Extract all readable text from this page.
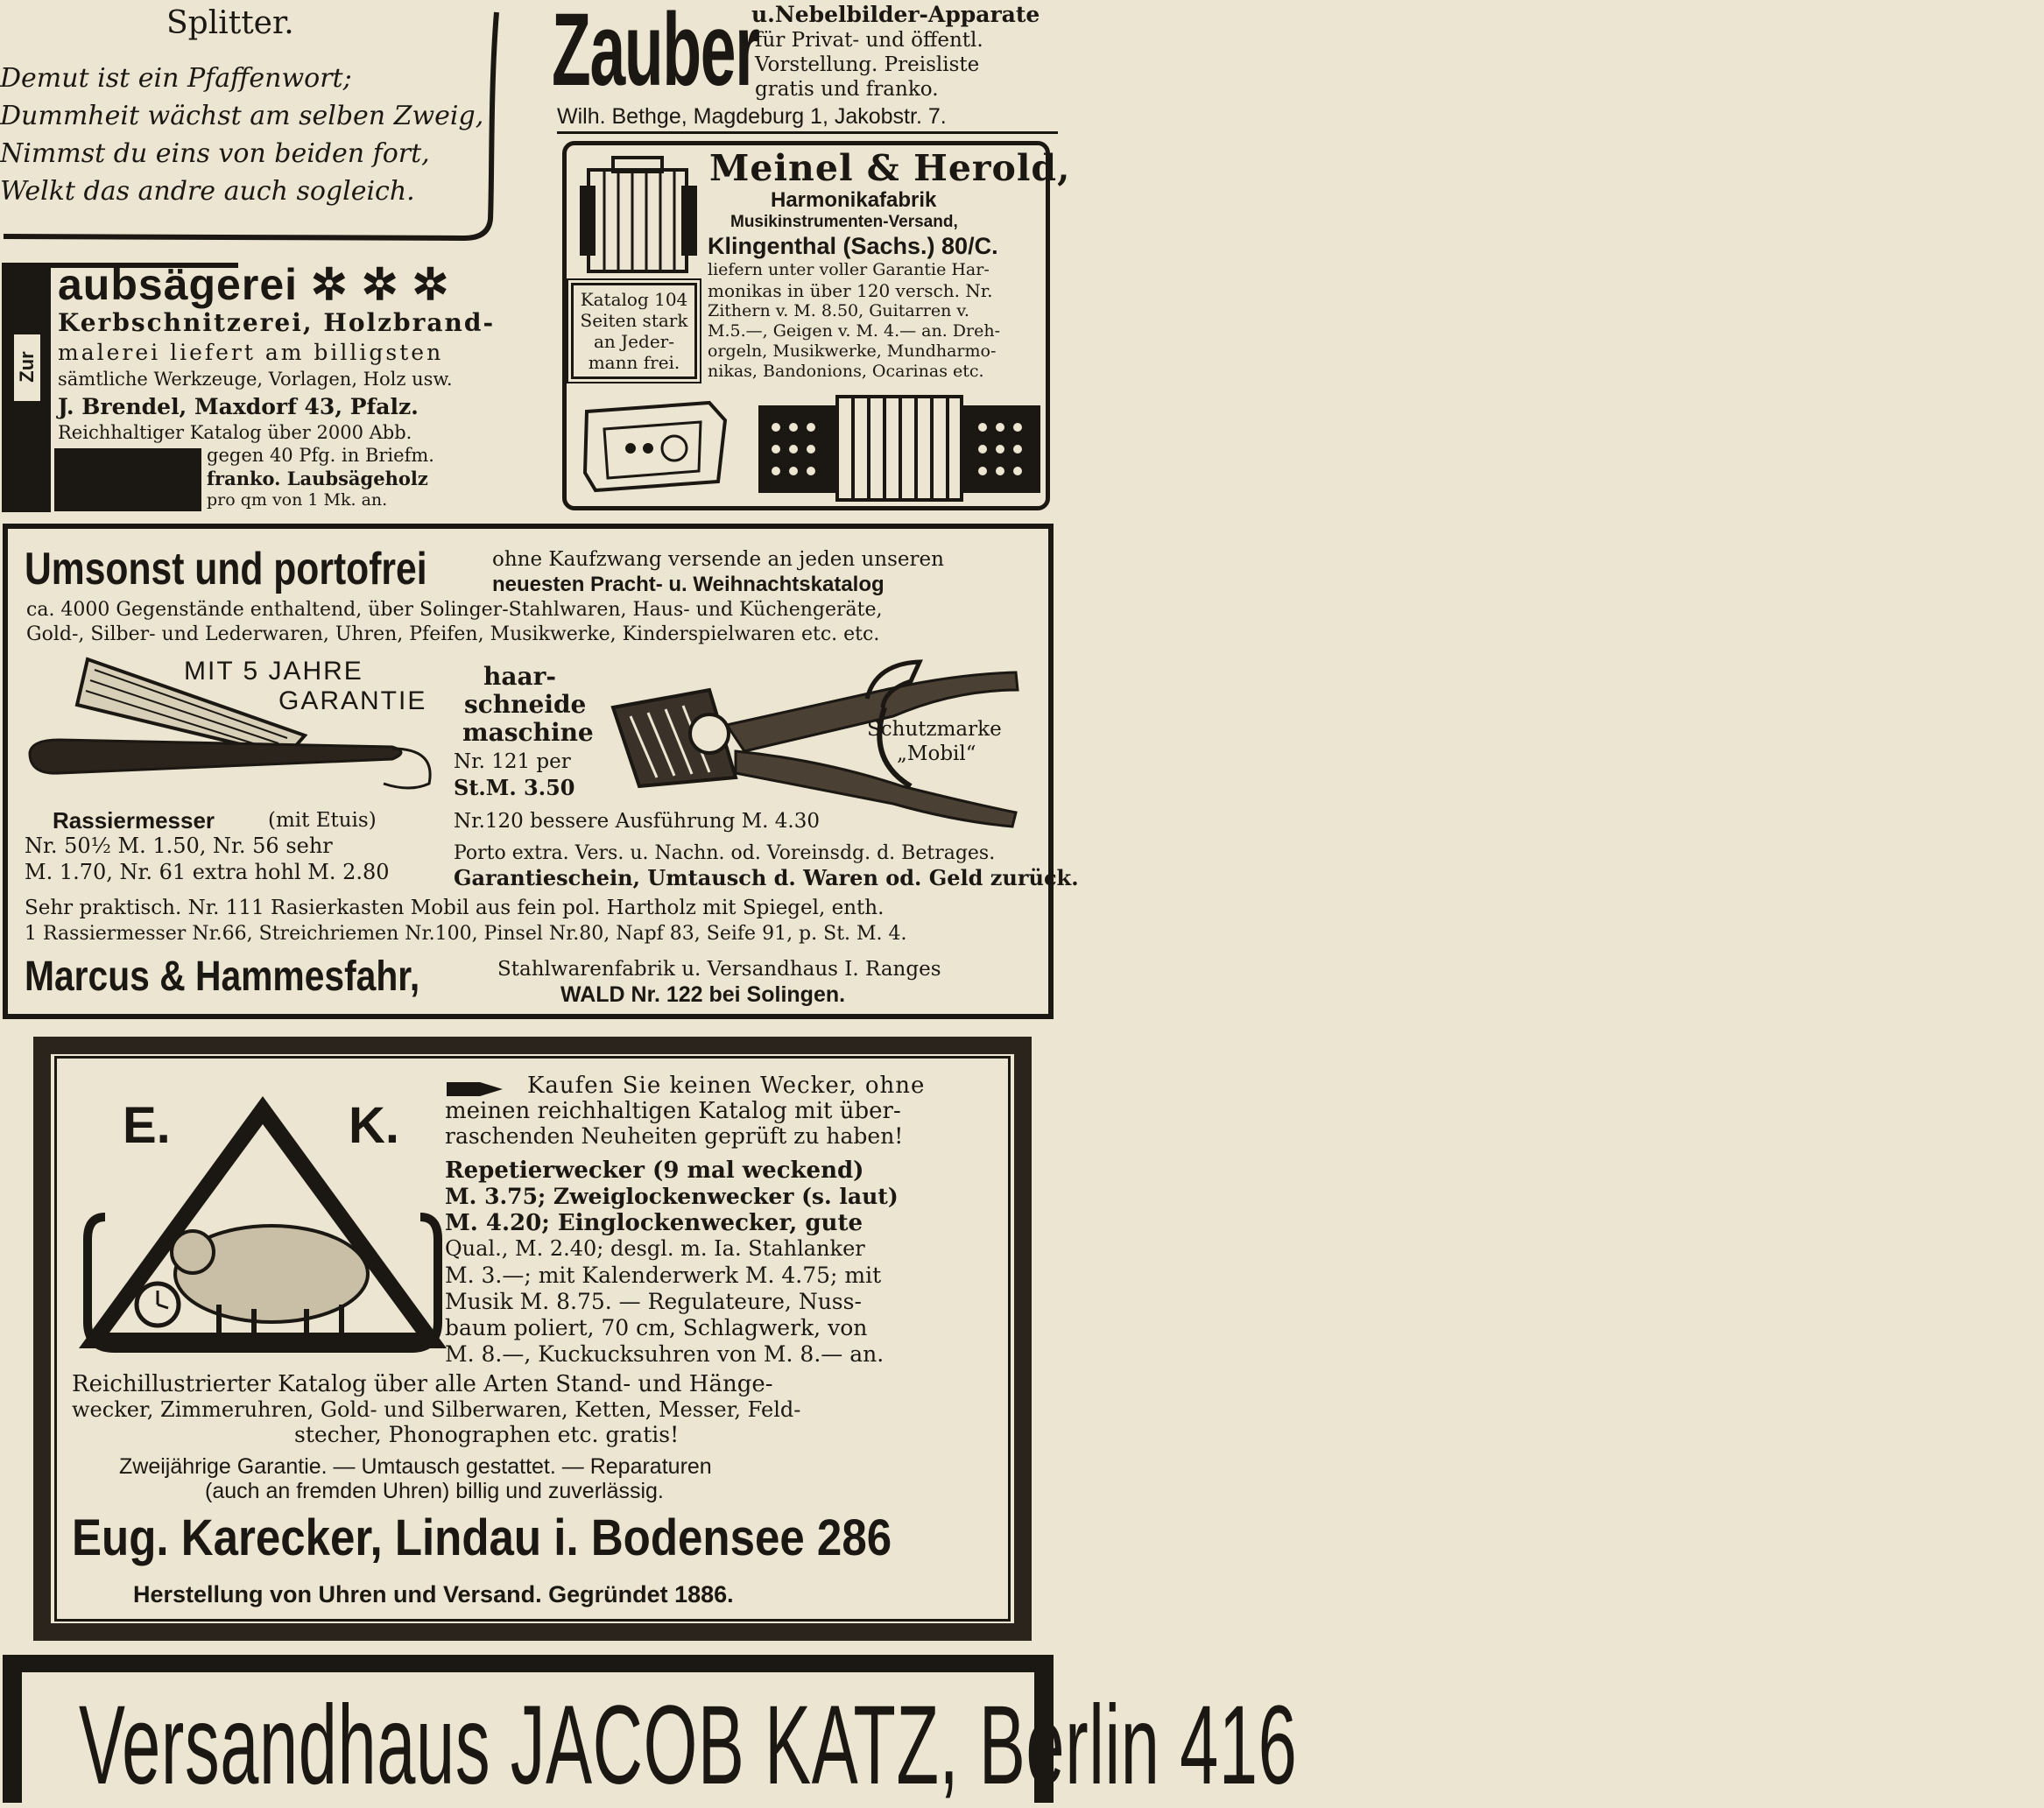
Splitter.
Demut ist ein Pfaffenwort;
Dummheit wächst am selben Zweig,
Nimmst du eins von beiden fort,
Welkt das andre auch sogleich.
Zauber
u.Nebelbilder-Apparate
für Privat- und öffentl.
Vorstellung. Preisliste
gratis und franko.
Wilh. Bethge, Magdeburg 1, Jakobstr. 7.
Meinel & Herold,
Harmonikafabrik
Musikinstrumenten-Versand,
Klingenthal (Sachs.) 80/C.
Katalog 104
Seiten stark
an Jeder-
mann frei.
liefern unter voller Garantie Har-
monikas in über 120 versch. Nr.
Zithern v. M. 8.50, Guitarren v.
M.5.—, Geigen v. M. 4.— an. Dreh-
orgeln, Musikwerke, Mundharmo-
nikas, Bandonions, Ocarinas etc.
Zur
aubsägerei ✲ ✲ ✲
Kerbschnitzerei, Holzbrand-
malerei liefert am billigsten
sämtliche Werkzeuge, Vorlagen, Holz usw.
J. Brendel, Maxdorf 43, Pfalz.
Reichhaltiger Katalog über 2000 Abb.
gegen 40 Pfg. in Briefm.
franko. Laubsägeholz
pro qm von 1 Mk. an.
Umsonst und portofrei	ohne Kaufzwang versende an jeden unseren
neuesten Pracht- u. Weihnachtskatalog
ca. 4000 Gegenstände enthaltend, über Solinger-Stahlwaren, Haus- und Küchengeräte,
Gold-, Silber- und Lederwaren, Uhren, Pfeifen, Musikwerke, Kinderspielwaren etc. etc.
MIT 5 JAHRE
GARANTIE
Rassiermesser	(mit Etuis)
Nr. 50½ M. 1.50, Nr. 56 sehr
M. 1.70, Nr. 61 extra hohl M. 2.80
haar-
schneide
maschine
Nr. 121 per
St.M. 3.50
Schutzmarke
„Mobil“
Nr.120 bessere Ausführung M. 4.30
Porto extra. Vers. u. Nachn. od. Voreinsdg. d. Betrages.
Garantieschein, Umtausch d. Waren od. Geld zurück.
Sehr praktisch. Nr. 111 Rasierkasten Mobil aus fein pol. Hartholz mit Spiegel, enth.
1 Rassiermesser Nr.66, Streichriemen Nr.100, Pinsel Nr.80, Napf 83, Seife 91, p. St. M. 4.
Marcus & Hammesfahr,	Stahlwarenfabrik u. Versandhaus I. Ranges
WALD Nr. 122 bei Solingen.
E.	K.
Kaufen Sie keinen Wecker, ohne
meinen reichhaltigen Katalog mit über-
raschenden Neuheiten geprüft zu haben!
Repetierwecker (9 mal weckend)
M. 3.75; Zweiglockenwecker (s. laut)
M. 4.20; Einglockenwecker, gute
Qual., M. 2.40; desgl. m. Ia. Stahlanker
M. 3.—; mit Kalenderwerk M. 4.75; mit
Musik M. 8.75. — Regulateure, Nuss-
baum poliert, 70 cm, Schlagwerk, von
M. 8.—, Kuckucksuhren von M. 8.— an.
Reichillustrierter Katalog über alle Arten Stand- und Hänge-
wecker, Zimmeruhren, Gold- und Silberwaren, Ketten, Messer, Feld-
stecher, Phonographen etc. gratis!
Zweijährige Garantie. — Umtausch gestattet. — Reparaturen
(auch an fremden Uhren) billig und zuverlässig.
Eug. Karecker, Lindau i. Bodensee 286
Herstellung von Uhren und Versand. Gegründet 1886.
Versandhaus JACOB KATZ, Berlin 416
